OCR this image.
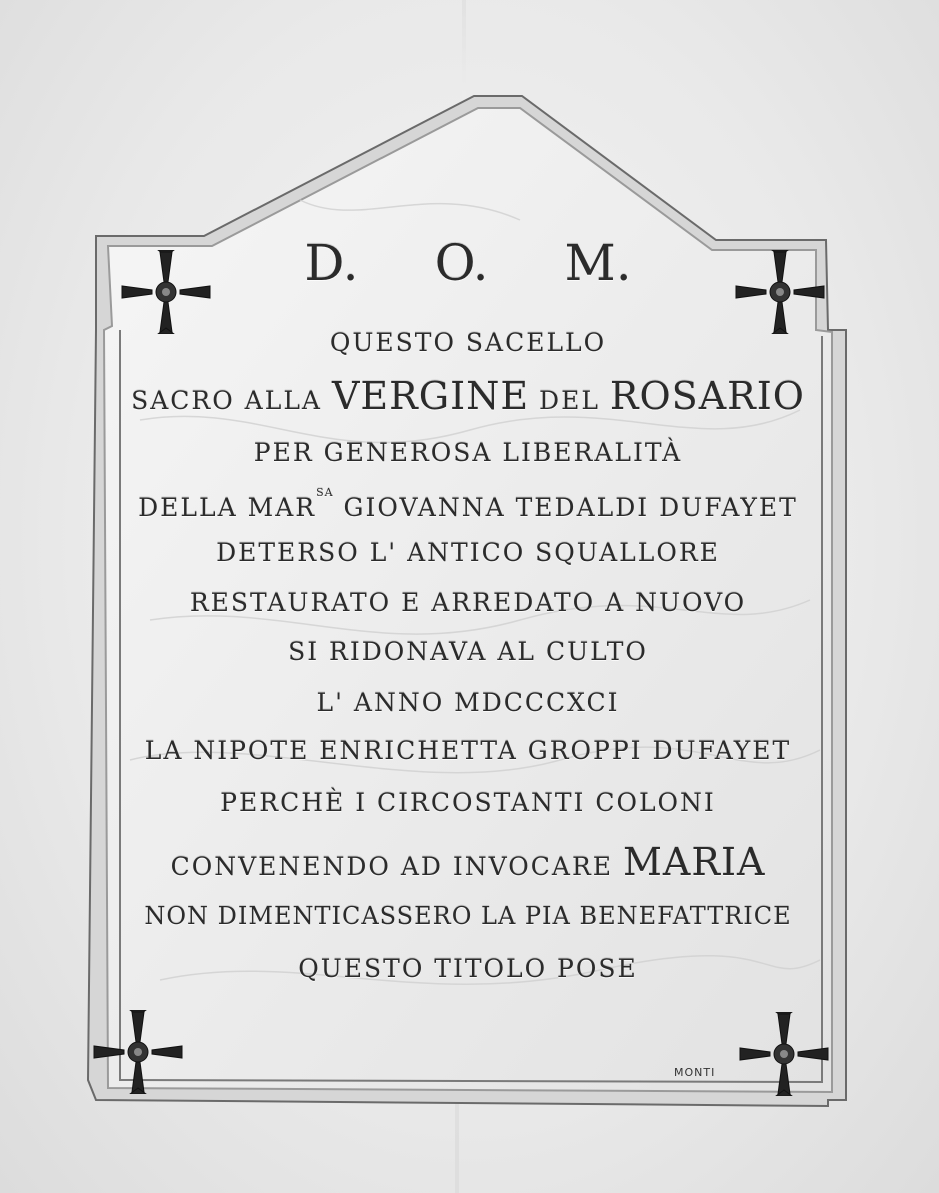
D. O. M.
QUESTO SACELLO
SACRO ALLA VERGINE DEL ROSARIO
PER GENEROSA LIBERALITÀ
DELLA $MAR^{SA}$ GIOVANNA TEDALDI DUFAYET
DETERSO L' ANTICO SQUALLORE
RESTAURATO E ARREDATO A NUOVO
SI RIDONAVA AL CULTO
L' ANNO MDCCCXCI
LA NIPOTE ENRICHETTA GROPPI DUFAYET
PERCHÈ I CIRCOSTANTI COLONI
CONVENENDO AD INVOCARE MARIA
NON DIMENTICASSERO LA PIA BENEFATTRICE
QUESTO TITOLO POSE
MONTI
